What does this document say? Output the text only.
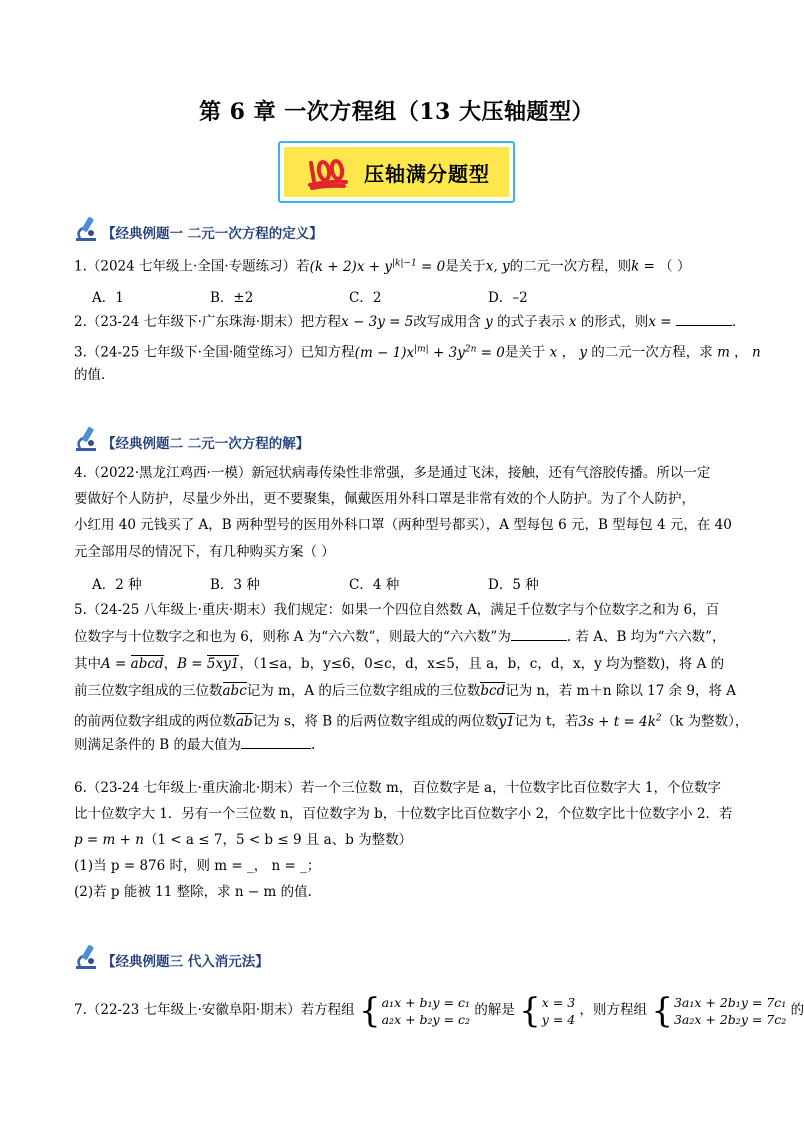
第 6 章 一次方程组（13 大压轴题型）
压轴满分题型
【经典例题一 二元一次方程的定义】
1.（2024 七年级上·全国·专题练习）若$(k + 2)x + y^{|k|-1} = 0$是关于x, y的二元一次方程，则k = （ ）
A．1	B．±2	C．2	D．–2
2.（23-24 七年级下·广东珠海·期末）把方程x − 3y = 5改写成用含 y 的式子表示 x 的形式，则x =	.
3.（24-25 七年级下·全国·随堂练习）已知方程$(m - 1)x^{|m|} + 3y^{2n} = 0$是关于 x ， y 的二元一次方程，求 m ， n
的值.
【经典例题二 二元一次方程的解】
4.（2022·黑龙江鸡西·一模）新冠状病毒传染性非常强，多是通过飞沫，接触，还有气溶胶传播。所以一定
要做好个人防护，尽量少外出，更不要聚集，佩戴医用外科口罩是非常有效的个人防护。为了个人防护，
小红用 40 元钱买了 A，B 两种型号的医用外科口罩（两种型号都买），A 型每包 6 元，B 型每包 4 元，在 40
元全部用尽的情况下，有几种购买方案（ ）
A．2 种	B．3 种	C．4 种	D．5 种
5.（24-25 八年级上·重庆·期末）我们规定：如果一个四位自然数 A，满足千位数字与个位数字之和为 6，百
位数字与十位数字之和也为 6，则称 A 为“六六数”，则最大的“六六数”为	. 若 A、B 均为“六六数”，
其中A = abcd，B = 5xy1，（1≤a，b，y≤6，0≤c，d，x≤5，且 a，b，c，d，x，y 均为整数)，将 A 的
前三位数字组成的三位数abc记为 m，A 的后三位数字组成的三位数bcd记为 n，若 m＋n 除以 17 余 9，将 A
的前两位数字组成的两位数ab记为 s，将 B 的后两位数字组成的两位数y1记为 t，若$3s + t = 4k^2(k$ 为整数），
则满足条件的 B 的最大值为	.
6.（23-24 七年级上·重庆渝北·期末）若一个三位数 m，百位数字是 a，十位数字比百位数字大 1，个位数字
比十位数字大 1．另有一个三位数 n，百位数字为 b，十位数字比百位数字小 2，个位数字比十位数字小 2．若
p = m + n（1 < a ≤ 7，5 < b ≤ 9 且 a、b 为整数）
(1)当 p = 876 时，则 m = _， n = _；
(2)若 p 能被 11 整除，求 n − m 的值.
【经典例题三 代入消元法】
7.（22-23 七年级上·安徽阜阳·期末）若方程组 { a₁x + b₁y = c₁
a₂x + b₂y = c₂
的解是 { x = 3
y = 4
，则方程组 { 3a₁x + 2b₁y = 7c₁
3a₂x + 2b₂y = 7c₂
的
